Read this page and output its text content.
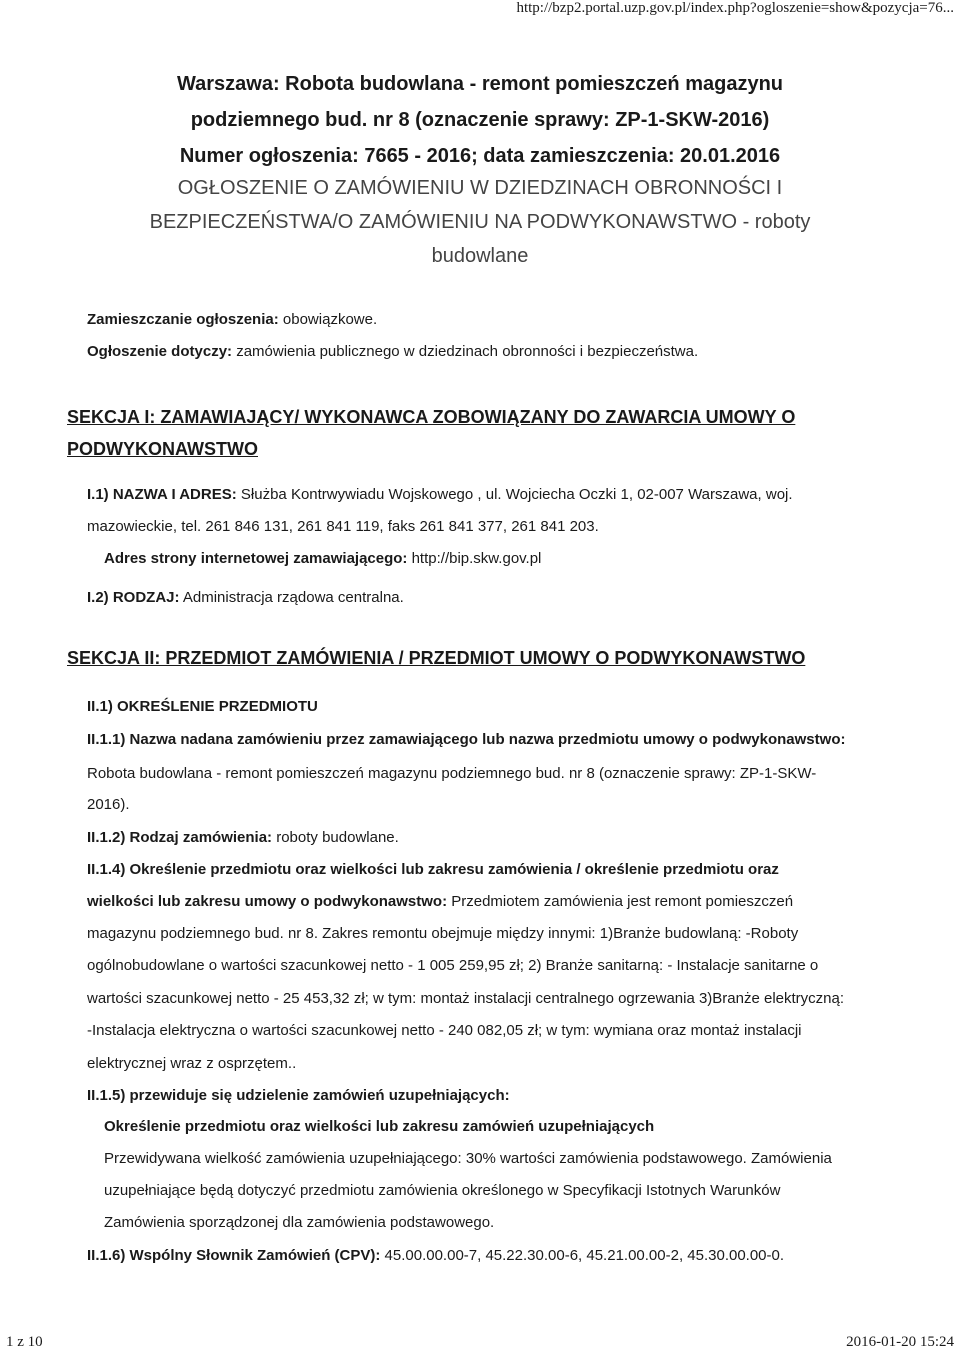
http://bzp2.portal.uzp.gov.pl/index.php?ogloszenie=show&pozycja=76...
Warszawa: Robota budowlana - remont pomieszczeń magazynu
podziemnego bud. nr 8 (oznaczenie sprawy: ZP-1-SKW-2016)
Numer ogłoszenia: 7665 - 2016; data zamieszczenia: 20.01.2016
OGŁOSZENIE O ZAMÓWIENIU W DZIEDZINACH OBRONNOŚCI I
BEZPIECZEŃSTWA/O ZAMÓWIENIU NA PODWYKONAWSTWO - roboty
budowlane
Zamieszczanie ogłoszenia: obowiązkowe.
Ogłoszenie dotyczy: zamówienia publicznego w dziedzinach obronności i bezpieczeństwa.
SEKCJA I: ZAMAWIAJĄCY/ WYKONAWCA ZOBOWIĄZANY DO ZAWARCIA UMOWY O
PODWYKONAWSTWO
I.1) NAZWA I ADRES: Służba Kontrwywiadu Wojskowego , ul. Wojciecha Oczki 1, 02-007 Warszawa, woj.
mazowieckie, tel. 261 846 131, 261 841 119, faks 261 841 377, 261 841 203.
Adres strony internetowej zamawiającego: http://bip.skw.gov.pl
I.2) RODZAJ: Administracja rządowa centralna.
SEKCJA II: PRZEDMIOT ZAMÓWIENIA / PRZEDMIOT UMOWY O PODWYKONAWSTWO
II.1) OKREŚLENIE PRZEDMIOTU
II.1.1) Nazwa nadana zamówieniu przez zamawiającego lub nazwa przedmiotu umowy o podwykonawstwo:
Robota budowlana - remont pomieszczeń magazynu podziemnego bud. nr 8 (oznaczenie sprawy: ZP-1-SKW-
2016).
II.1.2) Rodzaj zamówienia: roboty budowlane.
II.1.4) Określenie przedmiotu oraz wielkości lub zakresu zamówienia / określenie przedmiotu oraz
wielkości lub zakresu umowy o podwykonawstwo: Przedmiotem zamówienia jest remont pomieszczeń
magazynu podziemnego bud. nr 8. Zakres remontu obejmuje między innymi: 1)Branże budowlaną: -Roboty
ogólnobudowlane o wartości szacunkowej netto - 1 005 259,95 zł; 2) Branże sanitarną: - Instalacje sanitarne o
wartości szacunkowej netto - 25 453,32 zł; w tym: montaż instalacji centralnego ogrzewania 3)Branże elektryczną:
-Instalacja elektryczna o wartości szacunkowej netto - 240 082,05 zł; w tym: wymiana oraz montaż instalacji
elektrycznej wraz z osprzętem..
II.1.5) przewiduje się udzielenie zamówień uzupełniających:
Określenie przedmiotu oraz wielkości lub zakresu zamówień uzupełniających
Przewidywana wielkość zamówienia uzupełniającego: 30% wartości zamówienia podstawowego. Zamówienia
uzupełniające będą dotyczyć przedmiotu zamówienia określonego w Specyfikacji Istotnych Warunków
Zamówienia sporządzonej dla zamówienia podstawowego.
II.1.6) Wspólny Słownik Zamówień (CPV): 45.00.00.00-7, 45.22.30.00-6, 45.21.00.00-2, 45.30.00.00-0.
1 z 10	2016-01-20 15:24
